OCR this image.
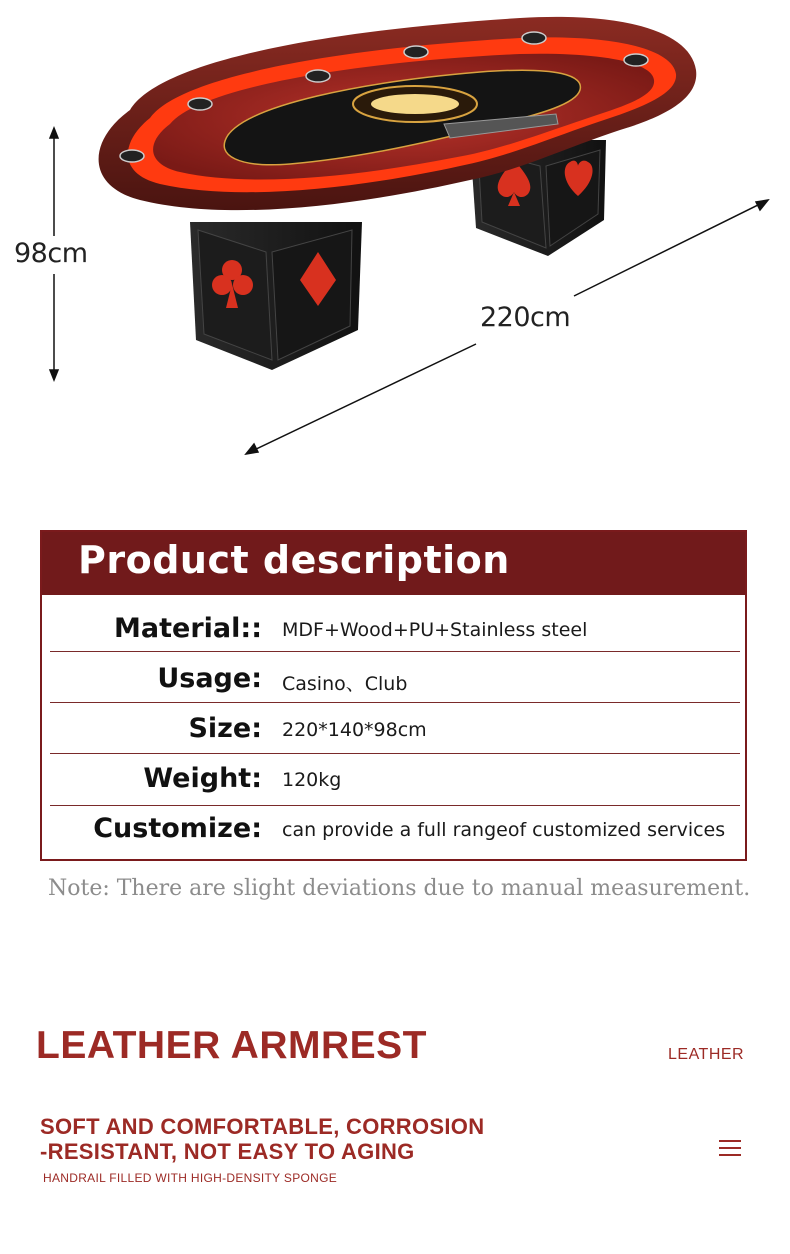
98cm
220cm
Product description
Material:: MDF+Wood+PU+Stainless steel
Usage: Casino、Club
Size: 220*140*98cm
Weight: 120kg
Customize: can provide a full rangeof customized services
Note: There are slight deviations due to manual measurement.
LEATHER ARMREST	LEATHER
SOFT AND COMFORTABLE, CORROSION
-RESISTANT, NOT EASY TO AGING
HANDRAIL FILLED WITH HIGH-DENSITY SPONGE
